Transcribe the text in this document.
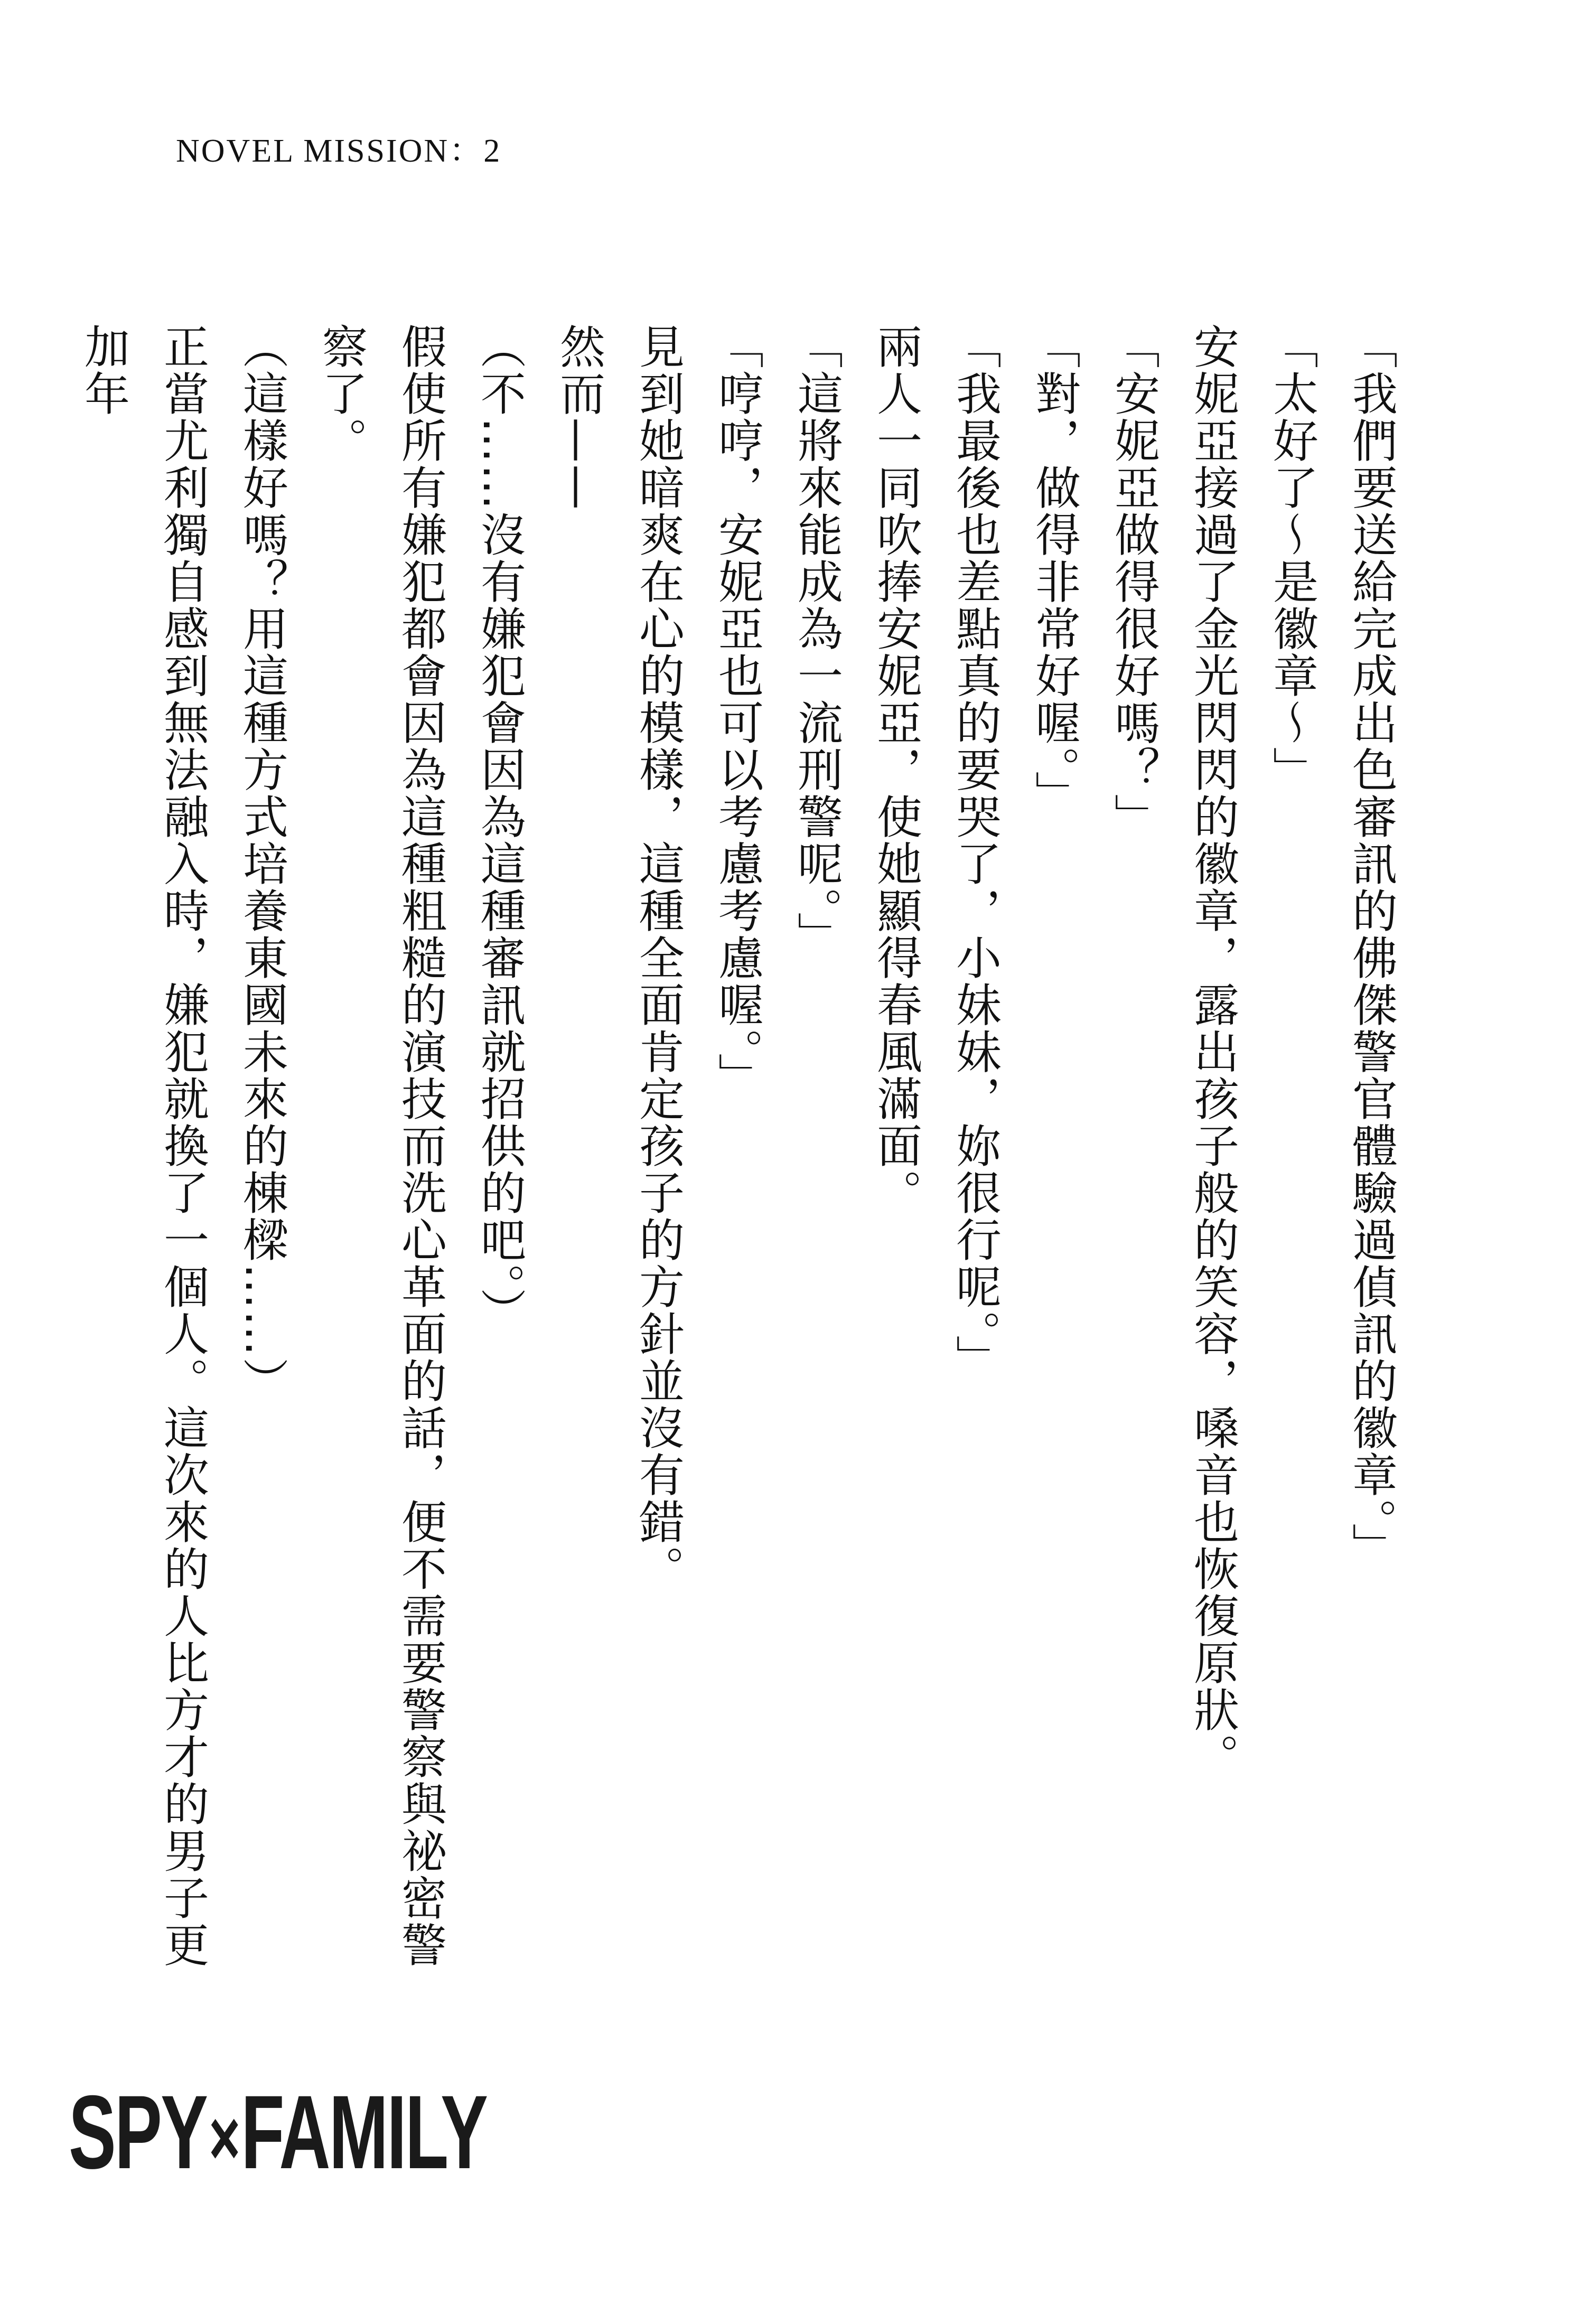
NOVEL MISSION：2

「我們要送給完成出色審訊的佛傑警官體驗過偵訊的徽章。」

「太好了～是徽章～」

安妮亞接過了金光閃閃的徽章，露出孩子般的笑容，嗓音也恢復原狀。

「安妮亞做得很好嗎？」

「對，做得非常好喔。」

「我最後也差點真的要哭了，小妹妹，妳很行呢。」

兩人一同吹捧安妮亞，使她顯得春風滿面。

「這將來能成為一流刑警呢。」

「哼哼，安妮亞也可以考慮考慮喔。」

見到她暗爽在心的模樣，這種全面肯定孩子的方針並沒有錯。

然而——

（不……沒有嫌犯會因為這種審訊就招供的吧。）

假使所有嫌犯都會因為這種粗糙的演技而洗心革面的話，便不需要警察與祕密警察了。

（這樣好嗎？用這種方式培養東國未來的棟樑……）

正當尤利獨自感到無法融入時，嫌犯就換了一個人。這次來的人比方才的男子更加年

SPY × FAMILY
